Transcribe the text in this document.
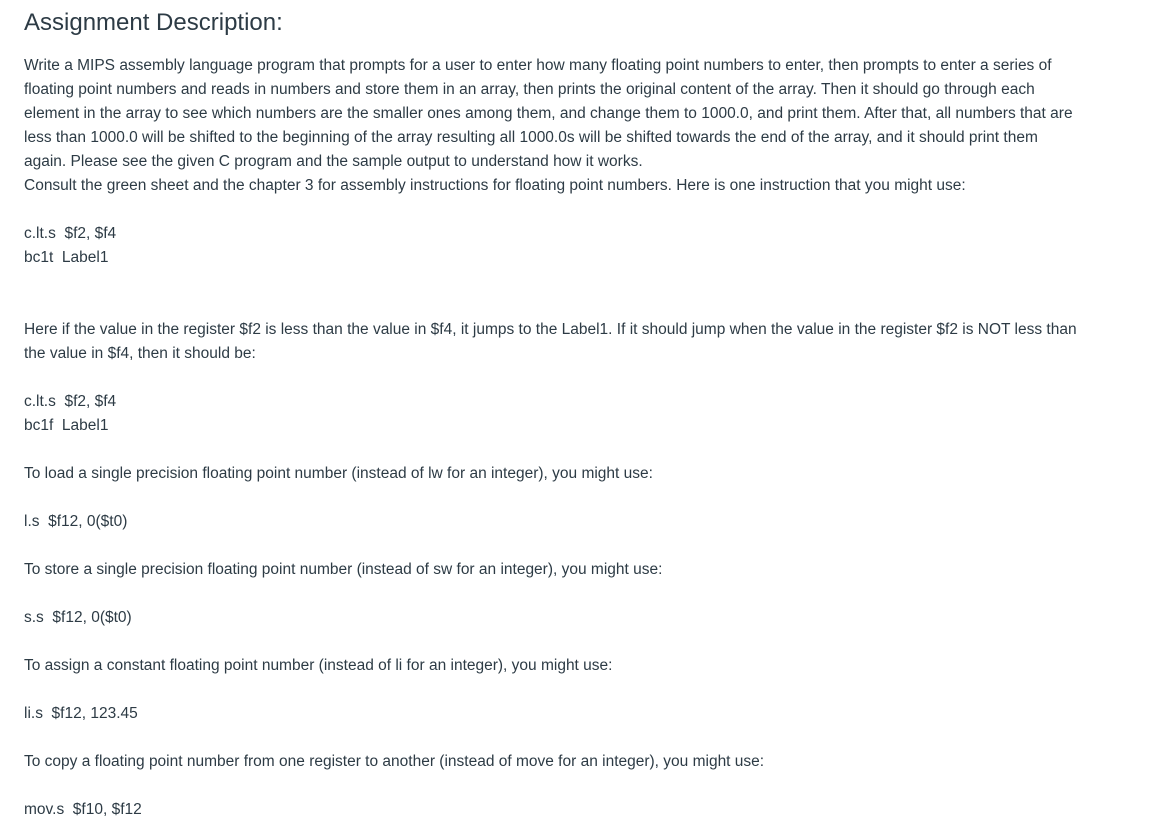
Assignment Description:
Write a MIPS assembly language program that prompts for a user to enter how many floating point numbers to enter, then prompts to enter a series of
floating point numbers and reads in numbers and store them in an array, then prints the original content of the array. Then it should go through each
element in the array to see which numbers are the smaller ones among them, and change them to 1000.0, and print them. After that, all numbers that are
less than 1000.0 will be shifted to the beginning of the array resulting all 1000.0s will be shifted towards the end of the array, and it should print them
again. Please see the given C program and the sample output to understand how it works.
Consult the green sheet and the chapter 3 for assembly instructions for floating point numbers. Here is one instruction that you might use:
c.lt.s  $f2, $f4
bc1t  Label1
Here if the value in the register $f2 is less than the value in $f4, it jumps to the Label1. If it should jump when the value in the register $f2 is NOT less than
the value in $f4, then it should be:
c.lt.s  $f2, $f4
bc1f  Label1
To load a single precision floating point number (instead of lw for an integer), you might use:
l.s  $f12, 0($t0)
To store a single precision floating point number (instead of sw for an integer), you might use:
s.s  $f12, 0($t0)
To assign a constant floating point number (instead of li for an integer), you might use:
li.s  $f12, 123.45
To copy a floating point number from one register to another (instead of move for an integer), you might use:
mov.s  $f10, $f12
